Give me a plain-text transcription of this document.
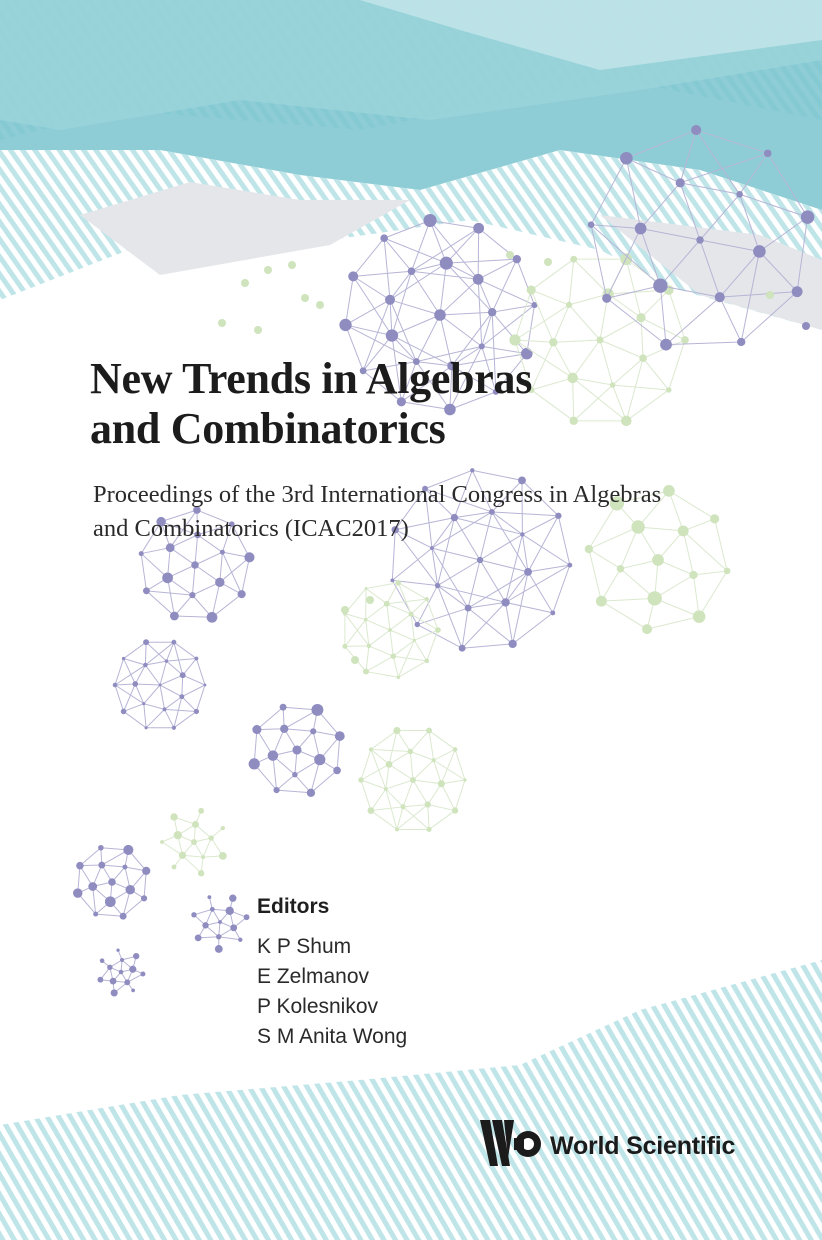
New Trends in Algebras
and Combinatorics

Proceedings of the 3rd International Congress in Algebras
and Combinatorics (ICAC2017)

Editors
K P Shum
E Zelmanov
P Kolesnikov
S M Anita Wong
World Scientific
